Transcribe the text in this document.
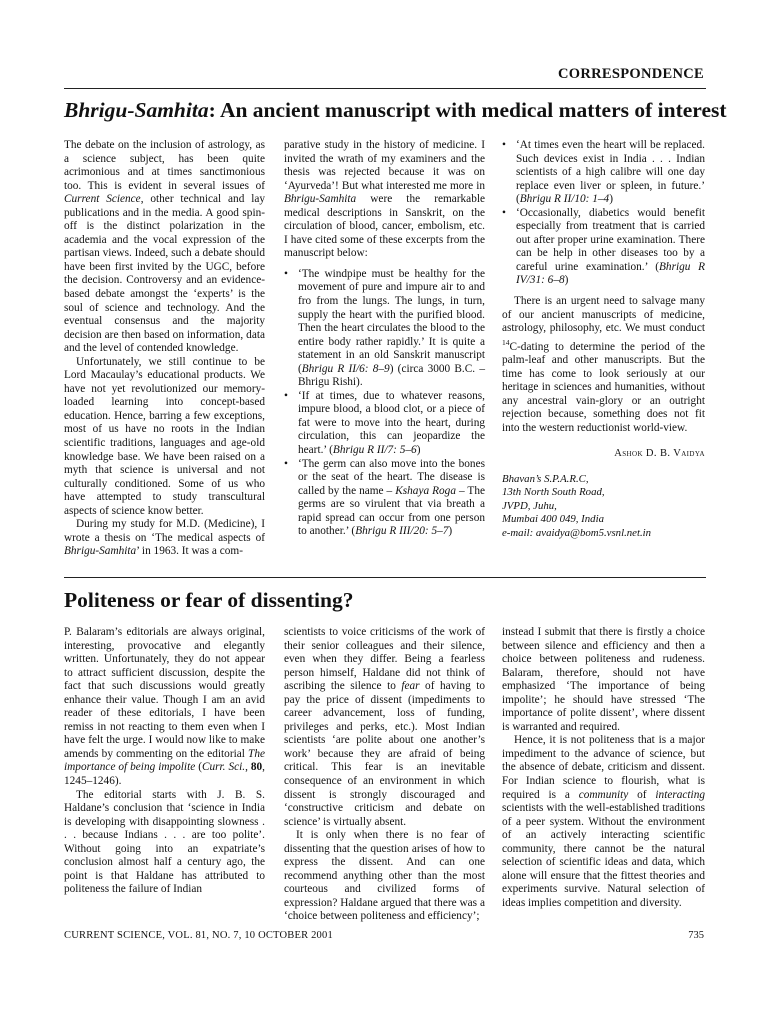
CORRESPONDENCE
Bhrigu-Samhita: An ancient manuscript with medical matters of interest

The debate on the inclusion of astrology, as a science subject, has been quite acrimonious and at times sanctimonious too. This is evident in several issues of Current Science, other technical and lay publications and in the media. A good spin-off is the distinct polarization in the academia and the vocal expression of the partisan views. Indeed, such a debate should have been first invited by the UGC, before the decision. Controversy and an evidence-based debate amongst the ‘experts’ is the soul of science and technology. And the eventual consensus and the majority decision are then based on information, data and the level of contended knowledge.

Unfortunately, we still continue to be Lord Macaulay’s educational products. We have not yet revolutionized our memory-loaded learning into concept-based education. Hence, barring a few exceptions, most of us have no roots in the Indian scientific traditions, languages and age-old knowledge base. We have been raised on a myth that science is universal and not culturally conditioned. Some of us who have attempted to study transcultural aspects of science know better.

During my study for M.D. (Medicine), I wrote a thesis on ‘The medical aspects of Bhrigu-Samhita’ in 1963. It was a com-

parative study in the history of medicine. I invited the wrath of my examiners and the thesis was rejected because it was on ‘Ayurveda’! But what interested me more in Bhrigu-Samhita were the remarkable medical descriptions in Sanskrit, on the circulation of blood, cancer, embolism, etc. I have cited some of these excerpts from the manuscript below:

• ‘The windpipe must be healthy for the movement of pure and impure air to and fro from the lungs. The lungs, in turn, supply the heart with the purified blood. Then the heart circulates the blood to the entire body rather rapidly.’ It is quite a statement in an old Sanskrit manuscript (Bhrigu R II/6: 8–9) (circa 3000 B.C. – Bhrigu Rishi).
• ‘If at times, due to whatever reasons, impure blood, a blood clot, or a piece of fat were to move into the heart, during circulation, this can jeopardize the heart.’ (Bhrigu R II/7: 5–6)
• ‘The germ can also move into the bones or the seat of the heart. The disease is called by the name – Kshaya Roga – The germs are so virulent that via breath a rapid spread can occur from one person to another.’ (Bhrigu R III/20: 5–7)
• ‘At times even the heart will be replaced. Such devices exist in India . . . Indian scientists of a high calibre will one day replace even liver or spleen, in future.’ (Bhrigu R II/10: 1–4)
• ‘Occasionally, diabetics would benefit especially from treatment that is carried out after proper urine examination. There can be help in other diseases too by a careful urine examination.’ (Bhrigu R IV/31: 6–8)

There is an urgent need to salvage many of our ancient manuscripts of medicine, astrology, philosophy, etc. We must conduct $^{14}$C-dating to determine the period of the palm-leaf and other manuscripts. But the time has come to look seriously at our heritage in sciences and humanities, without any ancestral vain-glory or an outright rejection because, something does not fit into the western reductionist world-view.

Ashok D. B. Vaidya

Bhavan’s S.P.A.R.C,
13th North South Road,
JVPD, Juhu,
Mumbai 400 049, India
e-mail: avaidya@bom5.vsnl.net.in
Politeness or fear of dissenting?

P. Balaram’s editorials are always original, interesting, provocative and elegantly written. Unfortunately, they do not appear to attract sufficient discussion, despite the fact that such discussions would greatly enhance their value. Though I am an avid reader of these editorials, I have been remiss in not reacting to them even when I have felt the urge. I would now like to make amends by commenting on the editorial The importance of being impolite (Curr. Sci., 80, 1245–1246).

The editorial starts with J. B. S. Haldane’s conclusion that ‘science in India is developing with disappointing slowness . . . because Indians . . . are too polite’. Without going into an expatriate’s conclusion almost half a century ago, the point is that Haldane has attributed to politeness the failure of Indian

scientists to voice criticisms of the work of their senior colleagues and their silence, even when they differ. Being a fearless person himself, Haldane did not think of ascribing the silence to fear of having to pay the price of dissent (impediments to career advancement, loss of funding, privileges and perks, etc.). Most Indian scientists ‘are polite about one another’s work’ because they are afraid of being critical. This fear is an inevitable consequence of an environment in which dissent is strongly discouraged and ‘constructive criticism and debate on science’ is virtually absent.

It is only when there is no fear of dissenting that the question arises of how to express the dissent. And can one recommend anything other than the most courteous and civilized forms of expression? Haldane argued that there was a ‘choice between politeness and efficiency’;

instead I submit that there is firstly a choice between silence and efficiency and then a choice between politeness and rudeness. Balaram, therefore, should not have emphasized ‘The importance of being impolite’; he should have stressed ‘The importance of polite dissent’, where dissent is warranted and required.

Hence, it is not politeness that is a major impediment to the advance of science, but the absence of debate, criticism and dissent. For Indian science to flourish, what is required is a community of interacting scientists with the well-established traditions of a peer system. Without the environment of an actively interacting scientific community, there cannot be the natural selection of scientific ideas and data, which alone will ensure that the fittest theories and experiments survive. Natural selection of ideas implies competition and diversity.

CURRENT SCIENCE, VOL. 81, NO. 7, 10 OCTOBER 2001	735
